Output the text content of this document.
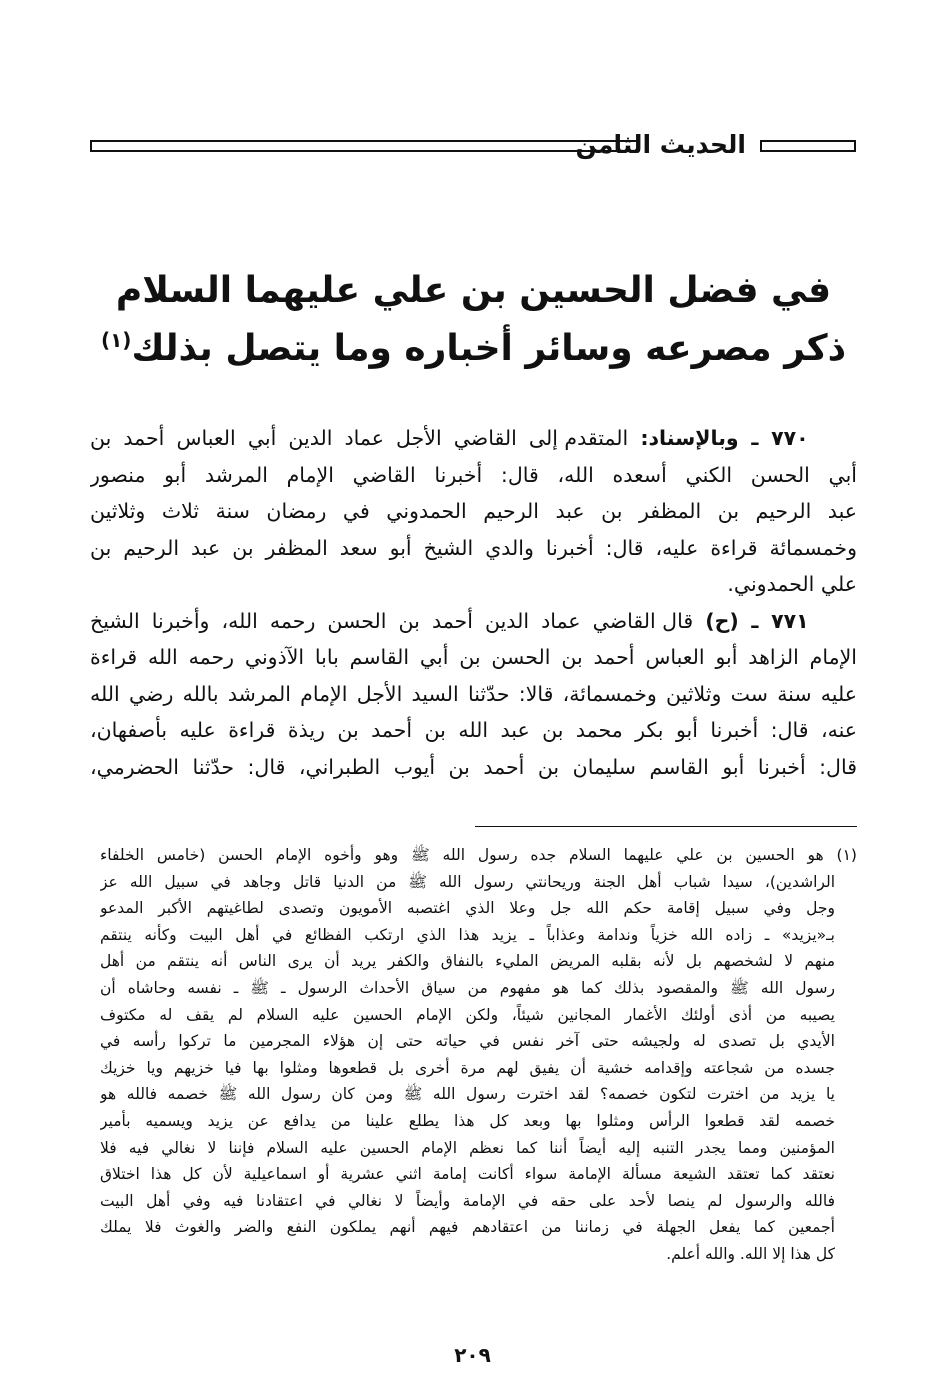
الحديث الثامن
في فضل الحسين بن علي عليهما السلام
ذكر مصرعه وسائر أخباره وما يتصل بذلك$^{(١)}$
٧٧٠ ـ وبالإسناد: المتقدم إلى القاضي الأجل عماد الدين أبي العباس أحمد بن
أبي الحسن الكني أسعده الله، قال: أخبرنا القاضي الإمام المرشد أبو منصور
عبد الرحيم بن المظفر بن عبد الرحيم الحمدوني في رمضان سنة ثلاث وثلاثين
وخمسمائة قراءة عليه، قال: أخبرنا والدي الشيخ أبو سعد المظفر بن عبد الرحيم بن
علي الحمدوني.
٧٧١ ـ (ح) قال القاضي عماد الدين أحمد بن الحسن رحمه الله، وأخبرنا الشيخ
الإمام الزاهد أبو العباس أحمد بن الحسن بن أبي القاسم بابا الآذوني رحمه الله قراءة
عليه سنة ست وثلاثين وخمسمائة، قالا: حدّثنا السيد الأجل الإمام المرشد بالله رضي الله
عنه، قال: أخبرنا أبو بكر محمد بن عبد الله بن أحمد بن ريذة قراءة عليه بأصفهان،
قال: أخبرنا أبو القاسم سليمان بن أحمد بن أيوب الطبراني، قال: حدّثنا الحضرمي،
(١) هو الحسين بن علي عليهما السلام جده رسول الله ﷺ وهو وأخوه الإمام الحسن (خامس الخلفاء
الراشدين)، سيدا شباب أهل الجنة وريحانتي رسول الله ﷺ من الدنيا قاتل وجاهد في سبيل الله عز
وجل وفي سبيل إقامة حكم الله جل وعلا الذي اغتصبه الأمويون وتصدى لطاغيتهم الأكبر المدعو
بـ«يزيد» ـ زاده الله خزياً وندامة وعذاباً ـ يزيد هذا الذي ارتكب الفظائع في أهل البيت وكأنه ينتقم
منهم لا لشخصهم بل لأنه بقلبه المريض المليء بالنفاق والكفر يريد أن يرى الناس أنه ينتقم من أهل
رسول الله ﷺ والمقصود بذلك كما هو مفهوم من سياق الأحداث الرسول ـ ﷺ ـ نفسه وحاشاه أن
يصيبه من أذى أولئك الأغمار المجانين شيئاً، ولكن الإمام الحسين عليه السلام لم يقف له مكتوف
الأيدي بل تصدى له ولجيشه حتى آخر نفس في حياته حتى إن هؤلاء المجرمين ما تركوا رأسه في
جسده من شجاعته وإقدامه خشية أن يفيق لهم مرة أخرى بل قطعوها ومثلوا بها فيا خزيهم ويا خزيك
يا يزيد من اخترت لتكون خصمه؟ لقد اخترت رسول الله ﷺ ومن كان رسول الله ﷺ خصمه فالله هو
خصمه لقد قطعوا الرأس ومثلوا بها وبعد كل هذا يطلع علينا من يدافع عن يزيد ويسميه بأمير
المؤمنين ومما يجدر التنبه إليه أيضاً أننا كما نعظم الإمام الحسين عليه السلام فإننا لا نغالي فيه فلا
نعتقد كما تعتقد الشيعة مسألة الإمامة سواء أكانت إمامة اثني عشرية أو اسماعيلية لأن كل هذا اختلاق
فالله والرسول لم ينصا لأحد على حقه في الإمامة وأيضاً لا نغالي في اعتقادنا فيه وفي أهل البيت
أجمعين كما يفعل الجهلة في زماننا من اعتقادهم فيهم أنهم يملكون النفع والضر والغوث فلا يملك
كل هذا إلا الله. والله أعلم.
٢٠٩
